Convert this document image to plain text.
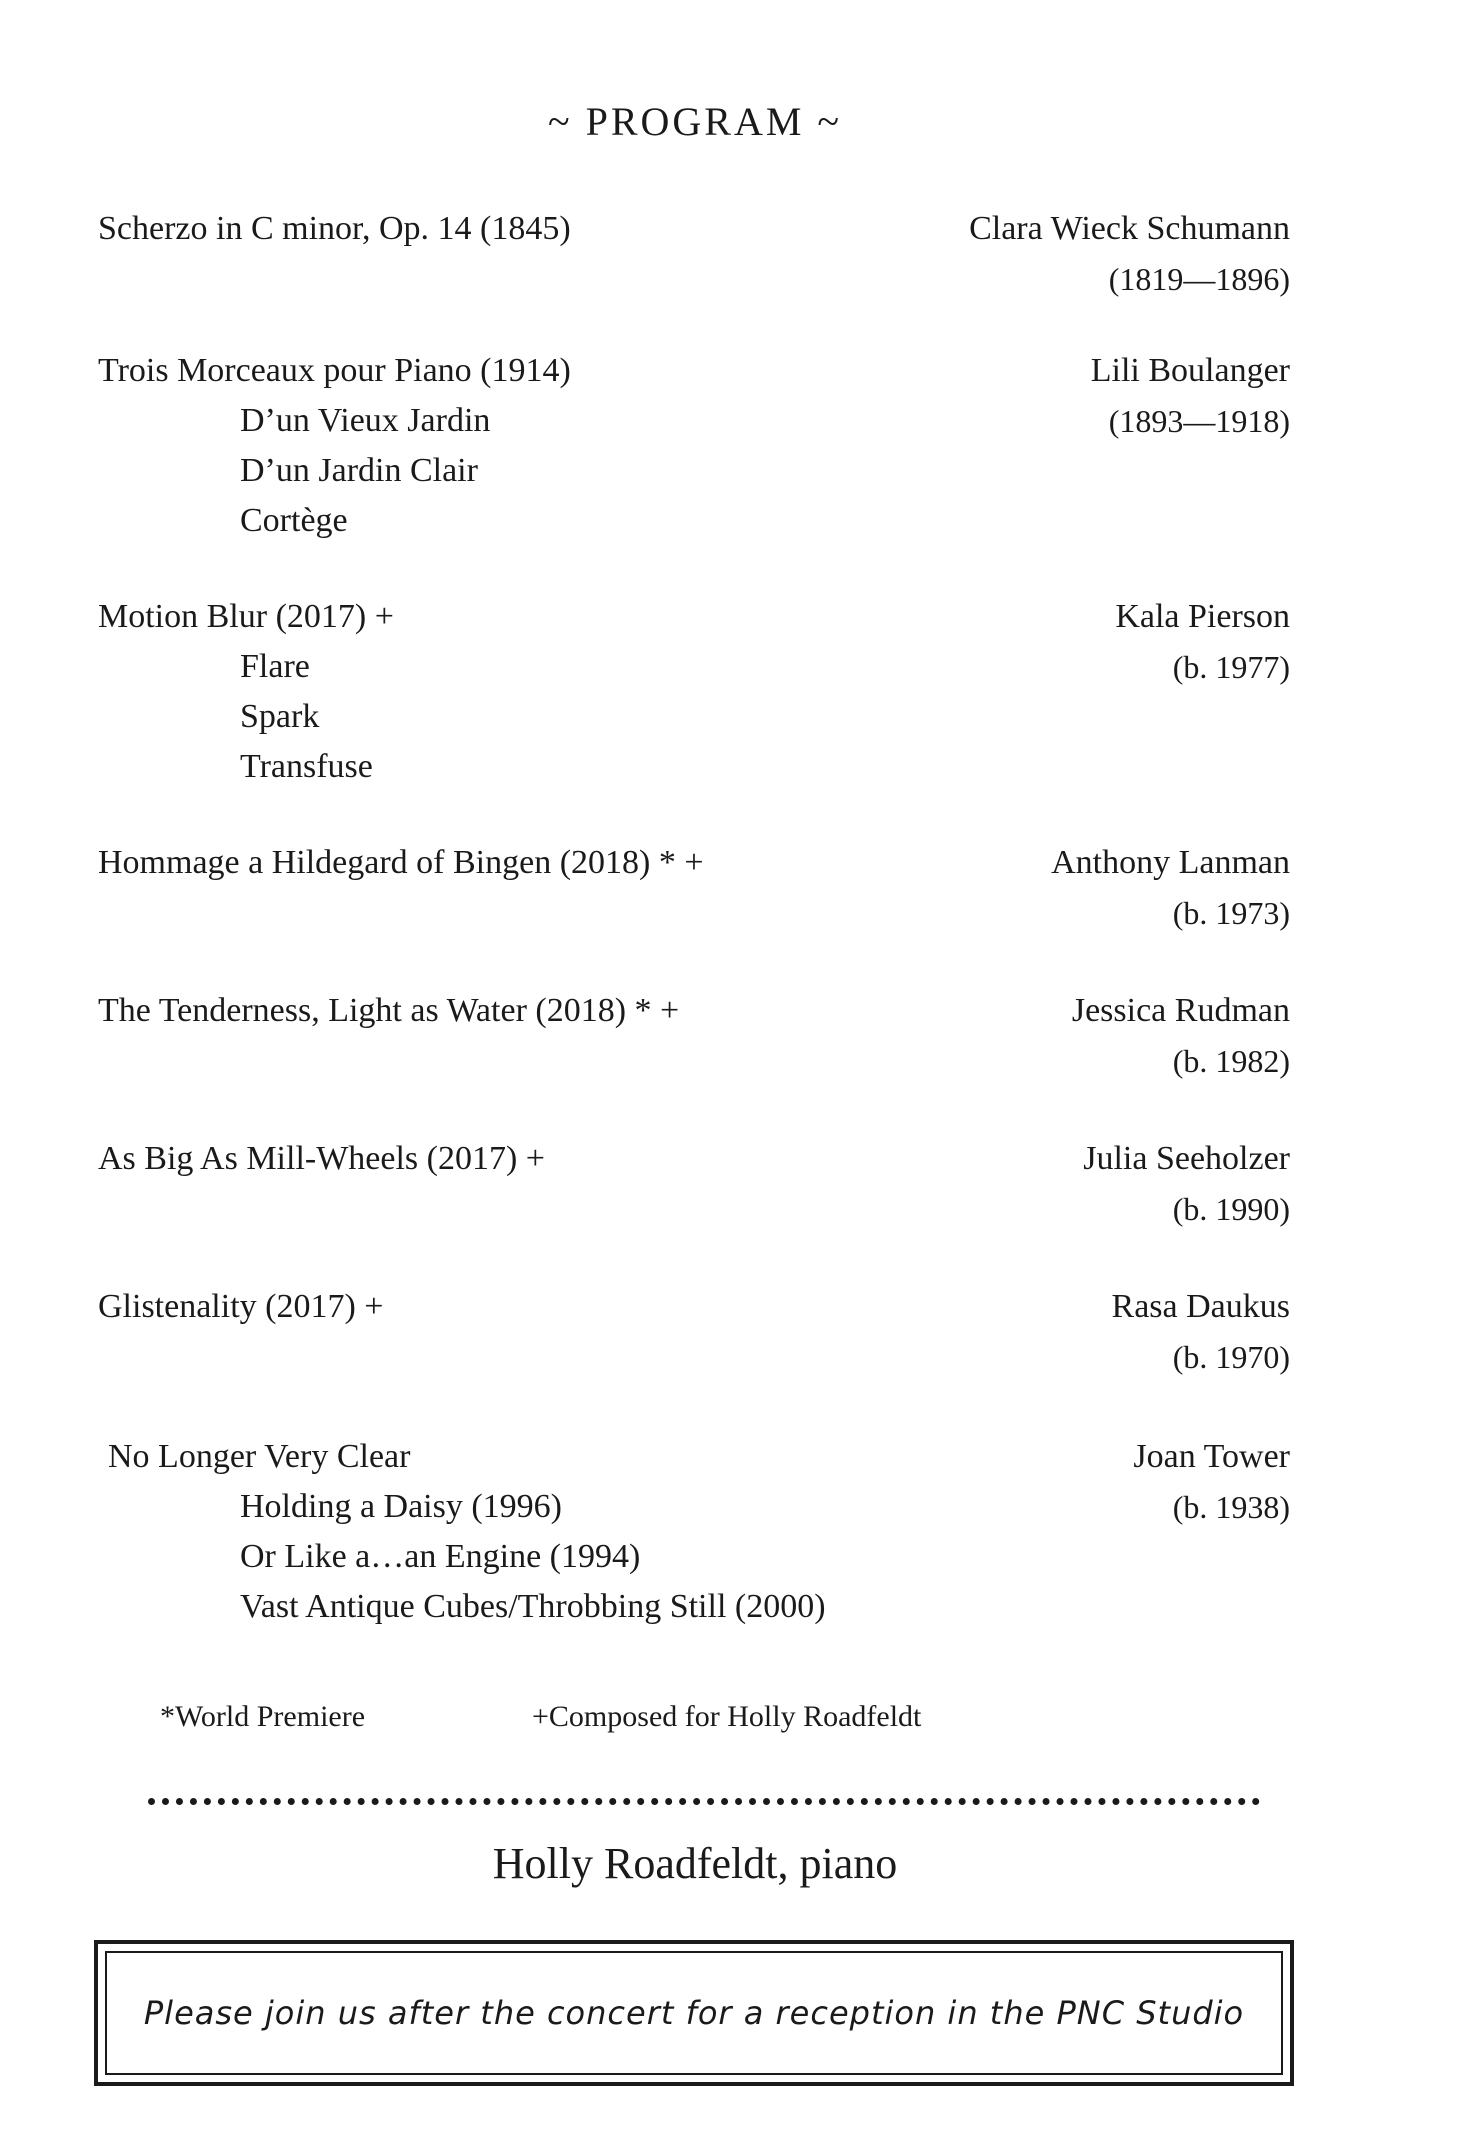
~ PROGRAM ~
Scherzo in C minor, Op. 14 (1845)	Clara Wieck Schumann
(1819—1896)
Trois Morceaux pour Piano (1914)	Lili Boulanger
(1893—1918)
D’un Vieux Jardin
D’un Jardin Clair
Cortège
Motion Blur (2017) +	Kala Pierson
(b. 1977)
Flare
Spark
Transfuse
Hommage a Hildegard of Bingen (2018) * +	Anthony Lanman
(b. 1973)
The Tenderness, Light as Water (2018) * +	Jessica Rudman
(b. 1982)
As Big As Mill-Wheels (2017) +	Julia Seeholzer
(b. 1990)
Glistenality (2017) +	Rasa Daukus
(b. 1970)
No Longer Very Clear	Joan Tower
(b. 1938)
Holding a Daisy (1996)
Or Like a…an Engine (1994)
Vast Antique Cubes/Throbbing Still (2000)
*World Premiere	+Composed for Holly Roadfeldt
Holly Roadfeldt, piano
Please join us after the concert for a reception in the PNC Studio
